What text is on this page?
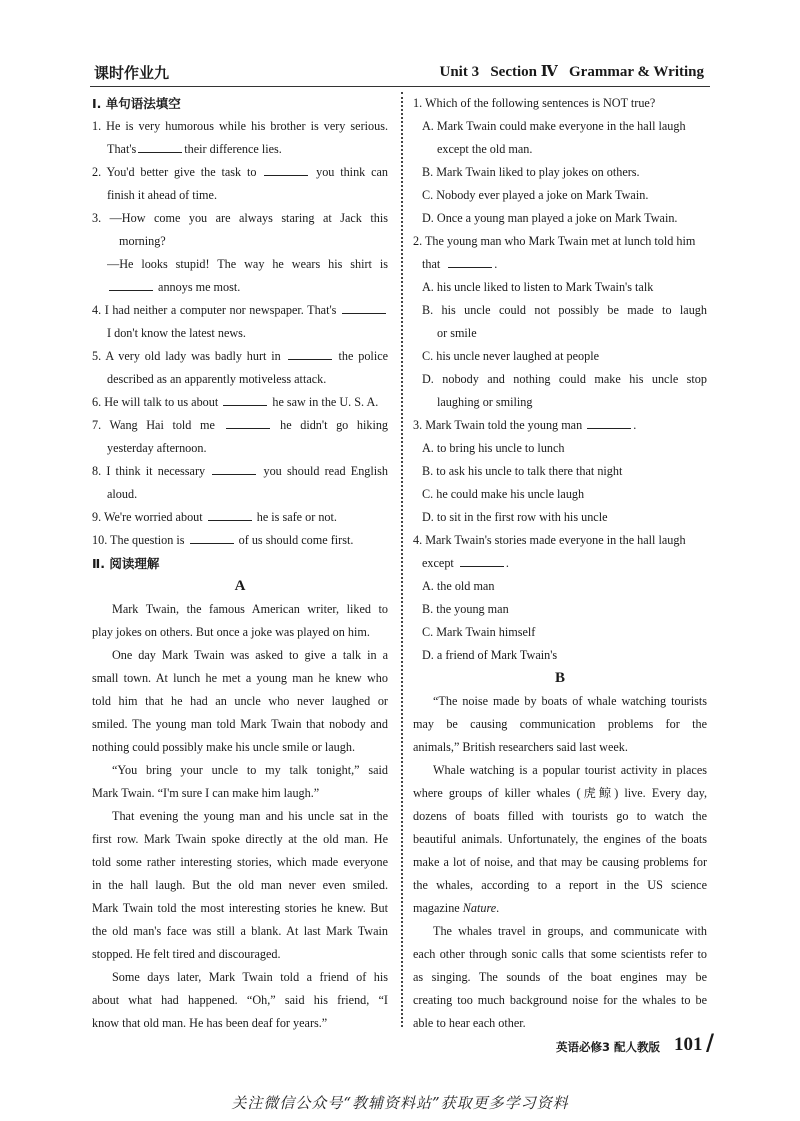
课时作业九	Unit 3   Section Ⅳ   Grammar & Writing
Ⅰ. 单句语法填空
1. He is very humorous while his brother is very serious.
That's	their difference lies.
2. You'd better give the task to	you think can
finish it ahead of time.
3. —How come you are always staring at Jack this
morning?
—He looks stupid! The way he wears his shirt is
annoys me most.
4. I had neither a computer nor newspaper. That's
I don't know the latest news.
5. A very old lady was badly hurt in	the police
described as an apparently motiveless attack.
6. He will talk to us about	he saw in the U. S. A.
7. Wang Hai told me	he didn't go hiking
yesterday afternoon.
8. I think it necessary	you should read English
aloud.
9. We're worried about	he is safe or not.
10. The question is	of us should come first.
Ⅱ. 阅读理解
A
Mark Twain, the famous American writer, liked to
play jokes on others. But once a joke was played on him.
One day Mark Twain was asked to give a talk in a
small town. At lunch he met a young man he knew who
told him that he had an uncle who never laughed or
smiled. The young man told Mark Twain that nobody and
nothing could possibly make his uncle smile or laugh.
“You bring your uncle to my talk tonight,” said
Mark Twain. “I'm sure I can make him laugh.”
That evening the young man and his uncle sat in the
first row. Mark Twain spoke directly at the old man. He
told some rather interesting stories, which made everyone
in the hall laugh. But the old man never even smiled.
Mark Twain told the most interesting stories he knew. But
the old man's face was still a blank. At last Mark Twain
stopped. He felt tired and discouraged.
Some days later, Mark Twain told a friend of his
about what had happened. “Oh,” said his friend, “I
know that old man. He has been deaf for years.”
1. Which of the following sentences is NOT true?
A. Mark Twain could make everyone in the hall laugh
except the old man.
B. Mark Twain liked to play jokes on others.
C. Nobody ever played a joke on Mark Twain.
D. Once a young man played a joke on Mark Twain.
2. The young man who Mark Twain met at lunch told him
that	.
A. his uncle liked to listen to Mark Twain's talk
B. his uncle could not possibly be made to laugh
or smile
C. his uncle never laughed at people
D. nobody and nothing could make his uncle stop
laughing or smiling
3. Mark Twain told the young man	.
A. to bring his uncle to lunch
B. to ask his uncle to talk there that night
C. he could make his uncle laugh
D. to sit in the first row with his uncle
4. Mark Twain's stories made everyone in the hall laugh
except	.
A. the old man
B. the young man
C. Mark Twain himself
D. a friend of Mark Twain's
B
“The noise made by boats of whale watching tourists
may be causing communication problems for the
animals,” British researchers said last week.
Whale watching is a popular tourist activity in places
where groups of killer whales (虎鲸) live. Every day,
dozens of boats filled with tourists go to watch the
beautiful animals. Unfortunately, the engines of the boats
make a lot of noise, and that may be causing problems for
the whales, according to a report in the US science
magazine Nature.
The whales travel in groups, and communicate with
each other through sonic calls that some scientists refer to
as singing. The sounds of the boat engines may be
creating too much background noise for the whales to be
able to hear each other.
英语必修3 配人教版 101 /
关注微信公众号“教辅资料站”获取更多学习资料
